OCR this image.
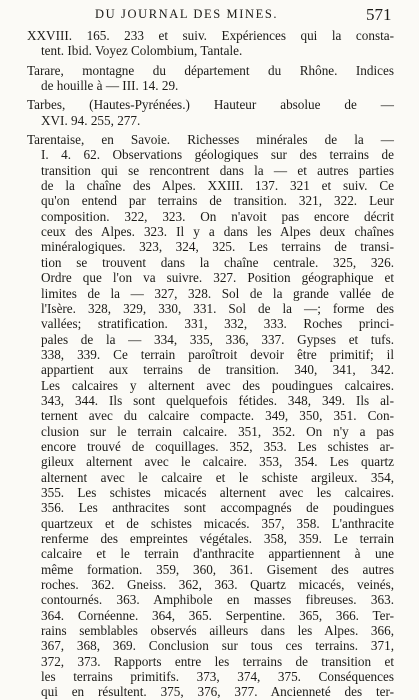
DU JOURNAL DES MINES.	571
XXVIII. 165. 233 et suiv. Expériences qui la consta-
tent. Ibid. Voyez Colombium, Tantale.
Tarare, montagne du département du Rhône. Indices
de houille à — III. 14. 29.
Tarbes, (Hautes-Pyrénées.) Hauteur absolue de —
XVI. 94. 255, 277.
Tarentaise, en Savoie. Richesses minérales de la —
I. 4. 62. Observations géologiques sur des terrains de
transition qui se rencontrent dans la — et autres parties
de la chaîne des Alpes. XXIII. 137. 321 et suiv. Ce
qu'on entend par terrains de transition. 321, 322. Leur
composition. 322, 323. On n'avoit pas encore décrit
ceux des Alpes. 323. Il y a dans les Alpes deux chaînes
minéralogiques. 323, 324, 325. Les terrains de transi-
tion se trouvent dans la chaîne centrale. 325, 326.
Ordre que l'on va suivre. 327. Position géographique et
limites de la — 327, 328. Sol de la grande vallée de
l'Isère. 328, 329, 330, 331. Sol de la —; forme des
vallées; stratification. 331, 332, 333. Roches princi-
pales de la — 334, 335, 336, 337. Gypses et tufs.
338, 339. Ce terrain paroîtroit devoir être primitif; il
appartient aux terrains de transition. 340, 341, 342.
Les calcaires y alternent avec des poudingues calcaires.
343, 344. Ils sont quelquefois fétides. 348, 349. Ils al-
ternent avec du calcaire compacte. 349, 350, 351. Con-
clusion sur le terrain calcaire. 351, 352. On n'y a pas
encore trouvé de coquillages. 352, 353. Les schistes ar-
gileux alternent avec le calcaire. 353, 354. Les quartz
alternent avec le calcaire et le schiste argileux. 354,
355. Les schistes micacés alternent avec les calcaires.
356. Les anthracites sont accompagnés de poudingues
quartzeux et de schistes micacés. 357, 358. L'anthracite
renferme des empreintes végétales. 358, 359. Le terrain
calcaire et le terrain d'anthracite appartiennent à une
même formation. 359, 360, 361. Gisement des autres
roches. 362. Gneiss. 362, 363. Quartz micacés, veinés,
contournés. 363. Amphibole en masses fibreuses. 363.
364. Cornéenne. 364, 365. Serpentine. 365, 366. Ter-
rains semblables observés ailleurs dans les Alpes. 366,
367, 368, 369. Conclusion sur tous ces terrains. 371,
372, 373. Rapports entre les terrains de transition et
les terrains primitifs. 373, 374, 375. Conséquences
qui en résultent. 375, 376, 377. Ancienneté des ter-
